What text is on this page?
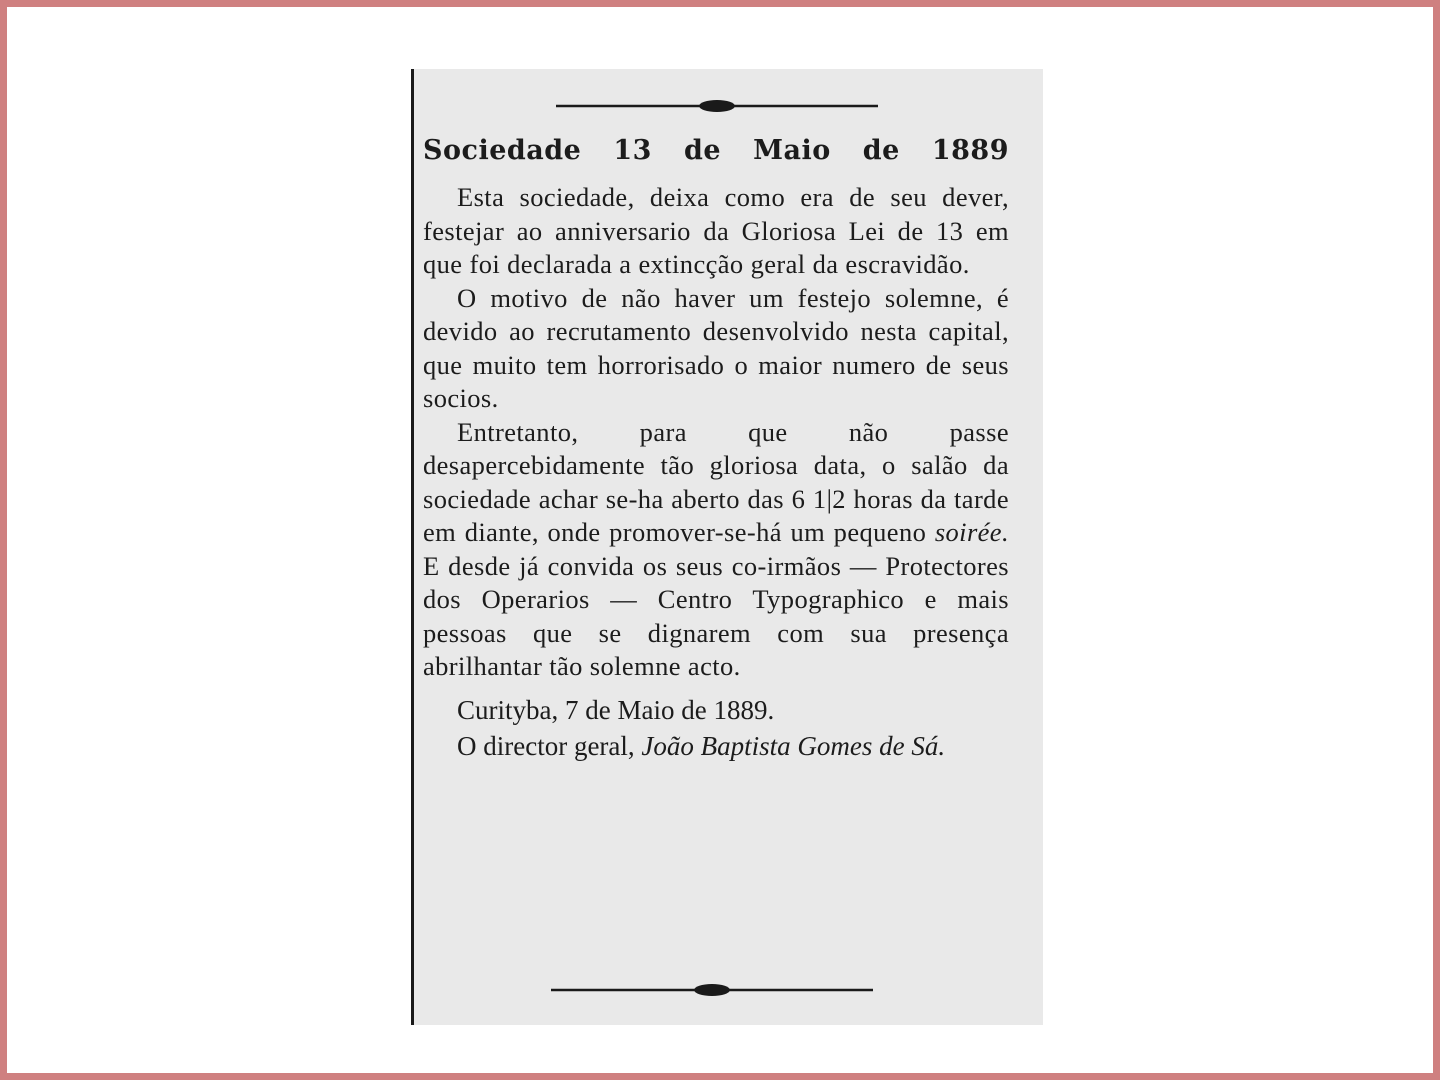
Sociedade 13 de Maio de 1889

Esta sociedade, deixa como era de seu dever, festejar ao anniversario da Gloriosa Lei de 13 em que foi declarada a extincção geral da escravidão.

O motivo de não haver um festejo solemne, é devido ao recrutamento desenvolvido nesta capital, que muito tem horrorisado o maior numero de seus socios.

Entretanto, para que não passe desapercebidamente tão gloriosa data, o salão da sociedade achar se-ha aberto das 6 1|2 horas da tarde em diante, onde promover-se-há um pequeno soirée. E desde já convida os seus co-irmãos — Protectores dos Operarios — Centro Typographico e mais pessoas que se dignarem com sua presença abrilhantar tão solemne acto.

Curityba, 7 de Maio de 1889.

O director geral, João Baptista Gomes de Sá.
